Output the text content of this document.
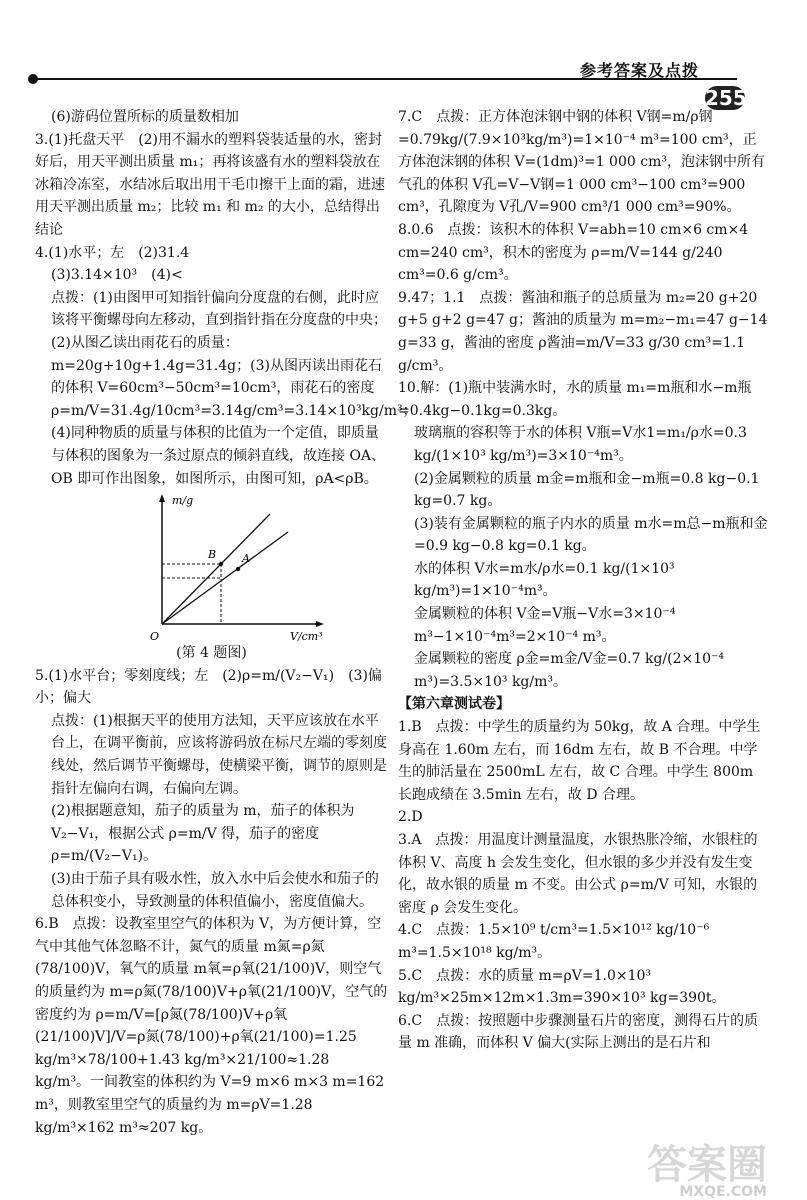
参考答案及点拨
255

(6)游码位置所标的质量数相加

3.(1)托盘天平　(2)用不漏水的塑料袋装适量的水，密封好后，用天平测出质量 m₁；再将该盛有水的塑料袋放在冰箱冷冻室，水结冰后取出用干毛巾擦干上面的霜，进速用天平测出质量 m₂；比较 m₁ 和 m₂ 的大小，总结得出结论

4.(1)水平；左　(2)31.4

(3)3.14×10³　(4)<

点拨：(1)由图甲可知指针偏向分度盘的右侧，此时应该将平衡螺母向左移动，直到指针指在分度盘的中央；(2)从图乙读出雨花石的质量：m=20g+10g+1.4g=31.4g；(3)从图丙读出雨花石的体积 V=60cm³−50cm³=10cm³，雨花石的密度 ρ=m/V=31.4g/10cm³=3.14g/cm³=3.14×10³kg/m³；(4)同种物质的质量与体积的比值为一个定值，即质量与体积的图象为一条过原点的倾斜直线，故连接 OA、OB 即可作出图象，如图所示，由图可知，ρA<ρB。

m/g
V/cm³
O
B A

(第 4 题图)

5.(1)水平台；零刻度线；左　(2)ρ=m/(V₂−V₁)　(3)偏小；偏大

点拨：(1)根据天平的使用方法知，天平应该放在水平台上，在调平衡前，应该将游码放在标尺左端的零刻度线处，然后调节平衡螺母，使横梁平衡，调节的原则是指针左偏向右调，右偏向左调。

(2)根据题意知，茄子的质量为 m，茄子的体积为 V₂−V₁，根据公式 ρ=m/V 得，茄子的密度 ρ=m/(V₂−V₁)。

(3)由于茄子具有吸水性，放入水中后会使水和茄子的总体积变小，导致测量的体积值偏小，密度值偏大。

6.B　点拨：设教室里空气的体积为 V，为方便计算，空气中其他气体忽略不计，氮气的质量 m氮=ρ氮(78/100)V，氧气的质量 m氧=ρ氧(21/100)V，则空气的质量约为 m=ρ氮(78/100)V+ρ氧(21/100)V，空气的密度约为 ρ=m/V=[ρ氮(78/100)V+ρ氧(21/100)V]/V=ρ氮(78/100)+ρ氧(21/100)=1.25 kg/m³×78/100+1.43 kg/m³×21/100≈1.28 kg/m³。一间教室的体积约为 V=9 m×6 m×3 m=162 m³，则教室里空气的质量约为 m=ρV=1.28 kg/m³×162 m³≈207 kg。

7.C　点拨：正方体泡沫钢中钢的体积 V钢=m/ρ钢=0.79kg/(7.9×10³kg/m³)=1×10⁻⁴ m³=100 cm³，正方体泡沫钢的体积 V=(1dm)³=1 000 cm³，泡沫钢中所有气孔的体积 V孔=V−V钢=1 000 cm³−100 cm³=900 cm³，孔隙度为 V孔/V=900 cm³/1 000 cm³=90%。

8.0.6　点拨：该积木的体积 V=abh=10 cm×6 cm×4 cm=240 cm³，积木的密度为 ρ=m/V=144 g/240 cm³=0.6 g/cm³。

9.47；1.1　点拨：酱油和瓶子的总质量为 m₂=20 g+20 g+5 g+2 g=47 g；酱油的质量为 m=m₂−m₁=47 g−14 g=33 g，酱油的密度 ρ酱油=m/V=33 g/30 cm³=1.1 g/cm³。

10.解：(1)瓶中装满水时，水的质量 m₁=m瓶和水−m瓶=0.4kg−0.1kg=0.3kg。

玻璃瓶的容积等于水的体积 V瓶=V水1=m₁/ρ水=0.3 kg/(1×10³ kg/m³)=3×10⁻⁴m³。

(2)金属颗粒的质量 m金=m瓶和金−m瓶=0.8 kg−0.1 kg=0.7 kg。

(3)装有金属颗粒的瓶子内水的质量 m水=m总−m瓶和金=0.9 kg−0.8 kg=0.1 kg。

水的体积 V水=m水/ρ水=0.1 kg/(1×10³ kg/m³)=1×10⁻⁴m³。

金属颗粒的体积 V金=V瓶−V水=3×10⁻⁴ m³−1×10⁻⁴m³=2×10⁻⁴ m³。

金属颗粒的密度 ρ金=m金/V金=0.7 kg/(2×10⁻⁴ m³)=3.5×10³ kg/m³。

【第六章测试卷】

1.B　点拨：中学生的质量约为 50kg，故 A 合理。中学生身高在 1.60m 左右，而 16dm 左右，故 B 不合理。中学生的肺活量在 2500mL 左右，故 C 合理。中学生 800m 长跑成绩在 3.5min 左右，故 D 合理。

2.D

3.A　点拨：用温度计测量温度，水银热胀冷缩，水银柱的体积 V、高度 h 会发生变化，但水银的多少并没有发生变化，故水银的质量 m 不变。由公式 ρ=m/V 可知，水银的密度 ρ 会发生变化。

4.C　点拨：1.5×10⁹ t/cm³=1.5×10¹² kg/10⁻⁶ m³=1.5×10¹⁸ kg/m³。

5.C　点拨：水的质量 m=ρV=1.0×10³ kg/m³×25m×12m×1.3m=390×10³ kg=390t。

6.C　点拨：按照题中步骤测量石片的密度，测得石片的质量 m 准确，而体积 V 偏大(实际上测出的是石片和

答案圈
MXQE.COM
